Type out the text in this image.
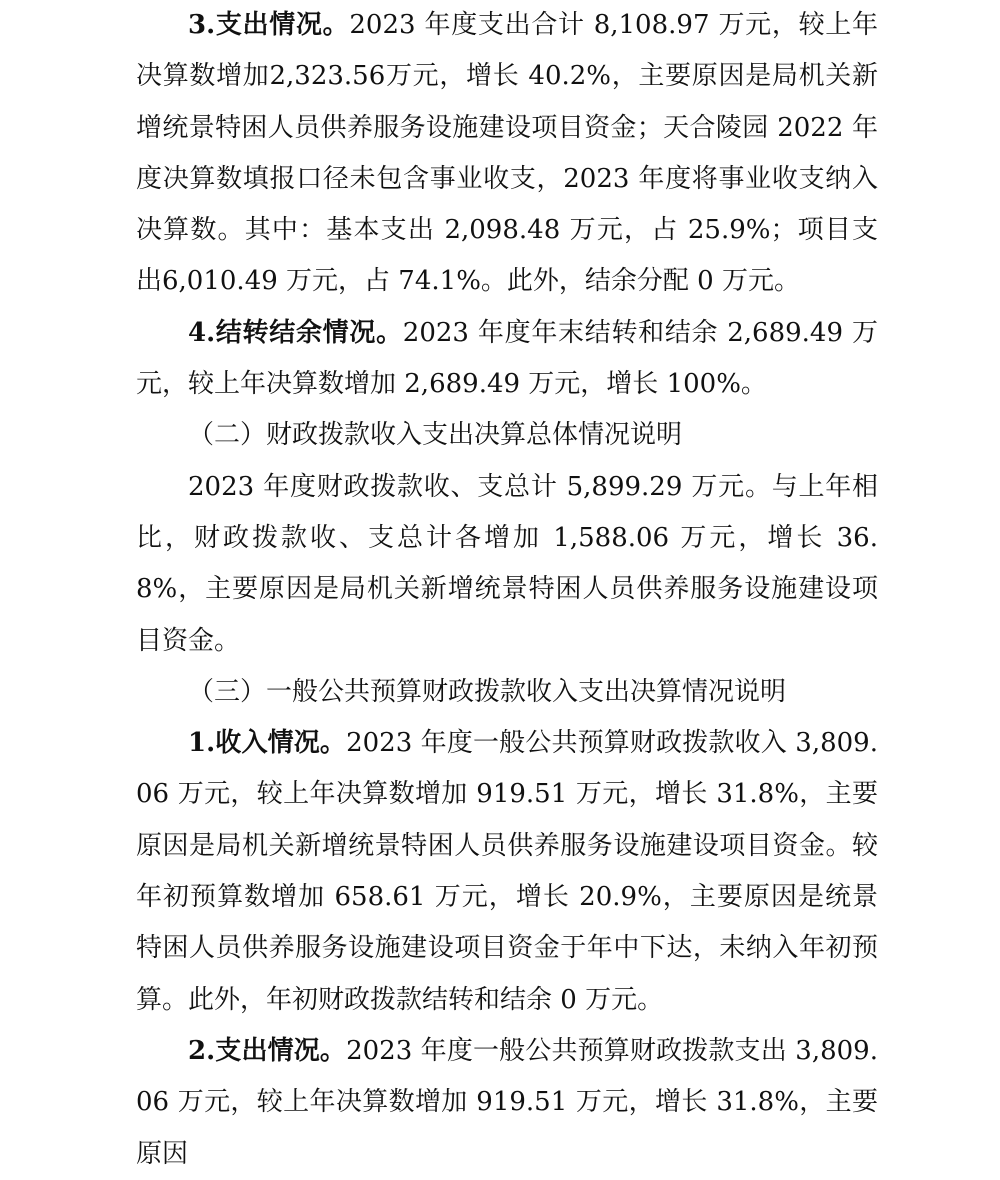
3.支出情况。2023 年度支出合计 8,108.97 万元，较上年决算数增加2,323.56万元，增长 40.2%，主要原因是局机关新增统景特困人员供养服务设施建设项目资金；天合陵园 2022 年度决算数填报口径未包含事业收支，2023 年度将事业收支纳入决算数。其中：基本支出 2,098.48 万元，占 25.9%；项目支出6,010.49 万元，占 74.1%。此外，结余分配 0 万元。

4.结转结余情况。2023 年度年末结转和结余 2,689.49 万元，较上年决算数增加 2,689.49 万元，增长 100%。

（二）财政拨款收入支出决算总体情况说明

2023 年度财政拨款收、支总计 5,899.29 万元。与上年相比，财政拨款收、支总计各增加 1,588.06 万元，增长 36.8%，主要原因是局机关新增统景特困人员供养服务设施建设项目资金。

（三）一般公共预算财政拨款收入支出决算情况说明

1.收入情况。2023 年度一般公共预算财政拨款收入 3,809.06 万元，较上年决算数增加 919.51 万元，增长 31.8%，主要原因是局机关新增统景特困人员供养服务设施建设项目资金。较年初预算数增加 658.61 万元，增长 20.9%，主要原因是统景特困人员供养服务设施建设项目资金于年中下达，未纳入年初预算。此外，年初财政拨款结转和结余 0 万元。

2.支出情况。2023 年度一般公共预算财政拨款支出 3,809.06 万元，较上年决算数增加 919.51 万元，增长 31.8%，主要原因
